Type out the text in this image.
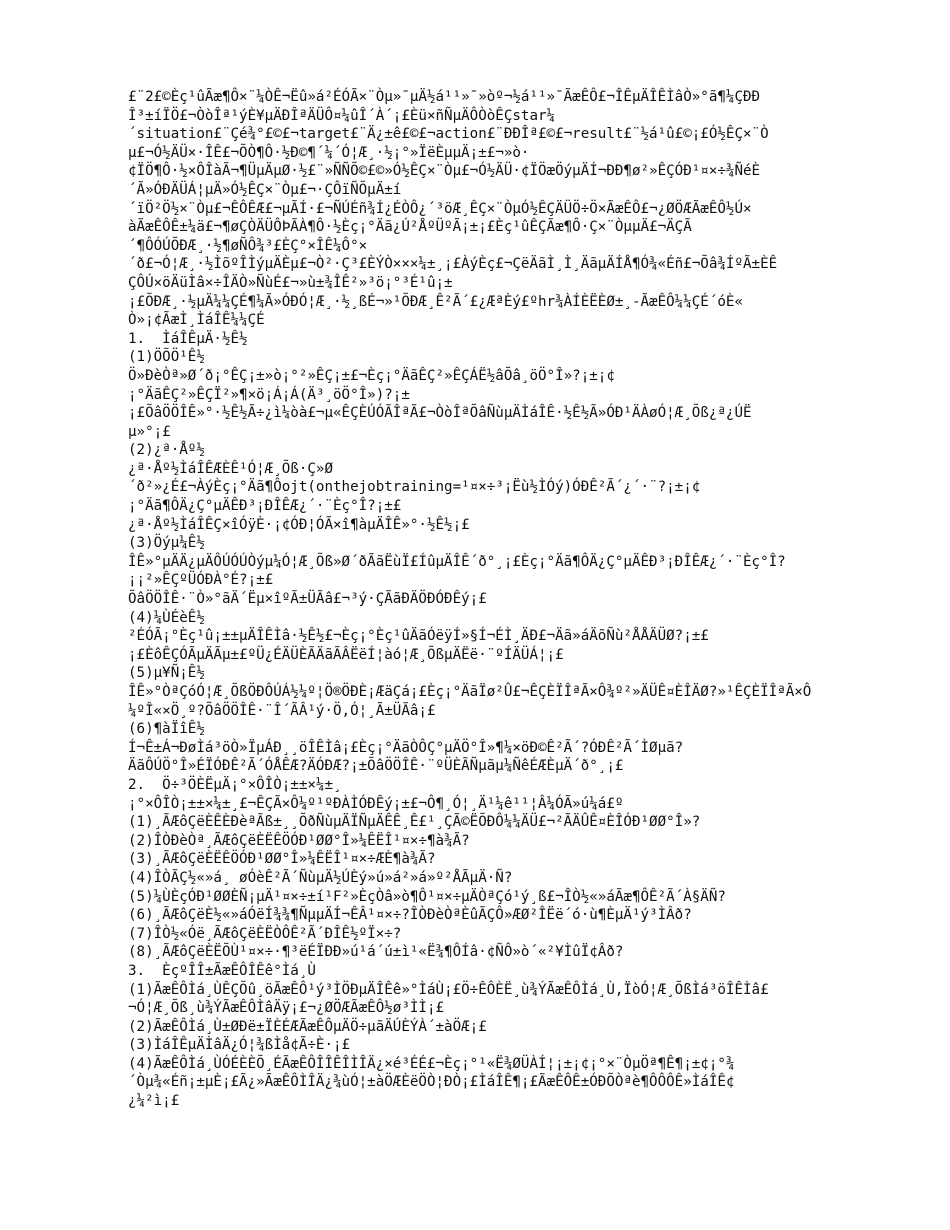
£¨2£©Èç¹ûÃæ¶Ô×¨¼ÒÊ¬Ëû»á²ÉÓÃ×¨Òµ»¯µÄ½á¹¹»¯»òº¬½á¹¹»¯ÃæÊÔ£¬ÎÊµÄÎÊÌâÒ»°ã¶¼ÇÐÐ
Î³±íÏÖ£¬ÒòÎª¹ýÈ¥µÄÐÎªÄÜÔ¤¼ûÎ´À´¡£Èü×ñÑµÄÔÒòÊÇstar¼
´situation£¨Çé¾°£©£¬target£¨Ä¿±ê£©£¬action£¨ÐÐÎª£©£¬result£¨½á¹û£©¡£Ó½ÊÇ×¨Ò
µ£¬Ó½ÄÜ×·ÎÊ£¬ÕÒ¶Ô·½Ð©¶´¼´Ó¦Æ¸·½¡°»ÏëÈµµÄ¡±£¬»ò·
¢ÏÖ¶Ô·½×ÔÎàÃ¬¶ÜµÄµØ·½£¨»ÑÑÕ©£©»Ó½ÊÇ×¨Òµ£¬Ó½ÄÜ·¢ÏÖæÖýµÄÍ¬ÐÐ¶ø²»ÊÇÓÐ¹¤×÷¾ÑéÈ
´Ã»ÓÐÄÜÁ¦µÄ»Ó½ÊÇ×¨Òµ£¬·ÇÔïÑÕµÄ±í
´ïÖ²Ö½×¨Òµ£¬ÊÔÊÆ£¬µÃÍ·£¬ÑÚÉñ¾Í¿ÉÒÔ¿´³öÆ¸ÊÇ×¨ÒµÓ½ÊÇÄÜÖ÷Ö×ÃæÊÔ£¬¿ØÖÆÃæÊÔ½Ú×
àÃæÊÔÊ±¼ä£¬¶øÇÒÄÜÔÞÃÀ¶Ô·½Èç¡°Äã¿Ú²ÅºÜºÃ¡±¡£Èç¹ûÊÇÃæ¶Ô·Ç×¨ÒµµÄ£¬ÄÇÃ
´¶ÔÓÚÕÐÆ¸·½¶øÑÔ¾³£ÈÇ°×ÎÊ¼Ô°×
´ð£¬Ó¦Æ¸·½ÌõºÎÌýµÄÈµ£¬Ò²·Ç³£ÈÝÒ×××¼±¸¡£ÀýÈç£¬ÇëÄãÌ¸Ì¸ÄãµÄÍÅ¶Ó¾«Éñ£¬Õâ¾ÍºÃ±ÈÊ
ÇÔÚ×öÄüÌâ×÷ÎÄÒ»ÑùÉ£¬»ù±¾ÎÊ²»³ö¡°³É¹û¡±
¡£ÕÐÆ¸·½µÄ¼¼ÇÉ¶¼Ã»ÓÐÓ¦Æ¸·½¸ßÉ¬»¹ÕÐÆ¸Ê²Ã´£¿ÆªÈý£ºhr¾ÀÍÈËÈØ±¸-ÃæÊÔ¼¼ÇÉ´óÈ«
Ò»¡¢ÃæÌ¸ÌáÎÊ¼¼ÇÉ
1.  ÌáÎÊµÄ·½Ê½
(1)ÖÕÖ¹Ê½
Ö»ÐèÒª»Ø´ð¡°ÊÇ¡±»ò¡°²»ÊÇ¡±£¬Èç¡°ÄãÊÇ²»ÊÇÁË½âÕâ¸öÖ°Î»?¡±¡¢
¡°ÄãÊÇ²»ÊÇÏ²»¶×ö¡Á¡Á(Ä³¸öÖ°Î»)?¡±
¡£ÕâÖÖÎÊ»°·½Ê½Ã÷¿ì¼òà£¬µ«ÊÇÈÚÓÃÎªÃ£¬ÒòÎªÕâÑùµÄÌáÎÊ·½Ê½Ã»ÓÐ¹ÄÀøÓ¦Æ¸Õß¿ª¿ÚË
µ»°¡£
(2)¿ª·Åº½
¿ª·Åº½ÌáÎÊÆÈÊ¹Ó¦Æ¸Õß·Ç»Ø
´ð²»¿É£¬ÀýÈç¡°Äã¶Ôojt(onthejobtraining=¹¤×÷³¡Ëù½ÌÓý)ÓÐÊ²Ã´¿´·¨?¡±¡¢
¡°Äã¶ÔÄ¿Ç°µÄÊÐ³¡ÐÎÊÆ¿´·¨Èç°Î?¡±£
¿ª·Åº½ÌáÎÊÇ×îÓÿÈ·¡¢ÓÐ¦ÓÃ×î¶àµÄÎÊ»°·½Ê½¡£
(3)Öýµ¼Ê½
ÎÊ»°µÄÄ¿µÄÔÚÓÚÒýµ¼Ó¦Æ¸Õß»Ø´ðÃãËùÏ£ÍûµÄÎÊ´ð°¸¡£Èç¡°Äã¶ÔÄ¿Ç°µÄÊÐ³¡ÐÎÊÆ¿´·¨Èç°Î?
¡¡²»ÊÇºÜÓÐÀ°É?¡±£
ÕâÖÖÎÊ·¨Ò»°ãÄ´Ëµ×îºÃ±ÜÃâ£¬³ý·ÇÃãÐÄÖÐÓÐÊý¡£
(4)¼ÙÉèÊ½
²ÉÓÃ¡°Èç¹û¡±±µÄÎÊÌâ·½Ê½£¬Èç¡°Èç¹ûÄãÓëÿÍ»§Í¬ÉÌ¸ÄÐ£¬Äã»áÄõÑù²ÅÅÄÜØ?¡±£
¡£ÈôÊÇÓÃµÄÃµ±£ºÜ¿ÉÄÜÈÃÄãÃÂËëÍ¦àó¦Æ¸ÕßµÄËë·¨ºÍÄÜÁ¦¡£
(5)µ¥Ñ¡Ê½
ÎÊ»°ÒªÇóÓ¦Æ¸ÕßÖÐÔÚÁ½¼º¦Ö®ÖÐÈ¡ÆäÇá¡£Èç¡°ÄãÏø²Û£¬ÊÇÈÏÎªÃ×Ô¾º²»ÄÜÊ¤ÈÎÄØ?»¹ÊÇÈÏÎªÃ×Ô
¼ºÎ«×Ö¸º?ÕâÖÖÎÊ·¨Î´ÃÂ¹ý·Ö,Ó¦¸Ã±ÜÃâ¡£
(6)¶àÏîÊ½
Í¬Ê±Á¬ÐøÌá³öÒ»ÏµÁÐ¸¸öÎÊÌâ¡£Èç¡°ÄãÒÔÇ°µÄÖ°Î»¶¼×öÐ©Ê²Ã´?ÓÐÊ²Ã´ÌØµã?
ÄãÔÚÖ°Î»ÉÏÓÐÊ²Ã´ÓÅÊÆ?ÄÓÐÆ?¡±ÕâÖÖÎÊ·¨ºÜÈÃÑµãµ¼ÑêÉÆÈµÄ´ð°¸¡£
2.  Ö÷³ÖÈËµÄ¡°×ÔÎÒ¡±±×¼±¸
¡°×ÔÎÒ¡±±×¼±¸£¬ÊÇÃ×Ô¼º¹ºÐÀÌÓÐÊý¡±£¬Ô¶¸Ó¦¸Ä¹¼ê¹¹¦Â¼ÓÃ»ú¼á£º
(1)¸ÃÆôÇëÈÊÈÐèªÃß±¸¸ÕðÑùµÄÏÑµÄÊÊ¸Ê£¹¸ÇÃ©ËÕÐÔ¼¼ÄÜ£¬²ÃÄÛÊ¤ÈÎÓÐ¹ØØ°Î»?
(2)ÎÒÐèÒª¸ÃÆôÇëÈËÊÖÓÐ¹ØØ°Î»¼ÊËÎ¹¤×÷¶à¾Ã?
(3)¸ÃÆôÇëÈËÊÖÓÐ¹ØØ°Î»¼ÊËÎ¹¤×÷ÆÈ¶à¾Ã?
(4)ÎÒÃÇ½«»á¸ øÓèÊ²Ã´ÑùµÄ½ÚÈý»ú»á²»á»º²ÅÃµÄ·Ñ?
(5)¼ÙÈçÓÐ¹ØØÈÑ¡µÄ¹¤×÷±í¹F²»ÈçÒâ»ò¶Ô¹¤×÷µÄÒªÇó¹ý¸ß£¬ÎÒ½«»áÃæ¶ÔÊ²Ã´À§ÄÑ?
(6)¸ÃÆôÇëÈ½«»áÓëÍ¾¾¶ÑµµÄÍ¬ÊÂ¹¤×÷?ÎÒÐèÒªÈûÃÇÔ»ÆØ²ÎËë´ó·ù¶ÈµÄ¹ý³ÌÂð?
(7)ÎÒ½«Óë¸ÃÆôÇëÈËÒÔÊ²Ã´ÐÎÊ½ºÏ×÷?
(8)¸ÃÆôÇëÈËÕÙ¹¤×÷·¶³ëÉÏÐÐ»ú¹á´ú±ì¹«Ë¾¶ÔÍâ·¢ÑÔ»ò´«²¥ÌûÏ¢Âð?
3.  ÈçºÎÎ±ÃæÊÔÎÊê°Ìá¸Ù
(1)ÃæÊÔÌá¸ÙÊÇÕû¸öÃæÊÔ¹ý³ÌÖÐµÄÎÊê»°ÌáÙ¡£Ö÷ÊÔÈË¸ù¾ÝÃæÊÔÌá¸Ù,ÏòÓ¦Æ¸ÕßÌá³öÎÊÌâ£
¬Ó¦Æ¸Õß¸ù¾ÝÃæÊÔÌâÄÿ¡£¬¿ØÖÆÃæÊÔ½ø³ÌÌ¡£
(2)ÃæÊÔÌá¸Ù±ØÐë±ÏÈÉÆÃæÊÔµÄÖ÷µãÄÚÈÝÀ´±àÖÆ¡£
(3)ÌáÎÊµÄÌâÄ¿Ó¦¾ßÌå¢Ã÷È·¡£
(4)ÃæÊÔÌá¸ÙÓÉÈÈÕ¸ÉÃæÊÔÎÎÊÎÌÎÄ¿×é³ÉÉ£¬Èç¡°¹«Ë¾ØÜÀÍ¦¡±¡¢¡°×¨ÒµÖª¶Ê¶¡±¢¡°¾
´Òµ¾«Éñ¡±µÈ¡£Ã¿»ÃæÊÔÌÎÄ¿¾ùÓ¦±àÖÆÈëÖÒ¦ÐÒ¡£ÌáÎÊ¶¡£ÃæÊÔÊ±ÓÐÕÒªè¶ÔÔÔÊ»ÌáÎÊ¢
¿¼²ì¡£
